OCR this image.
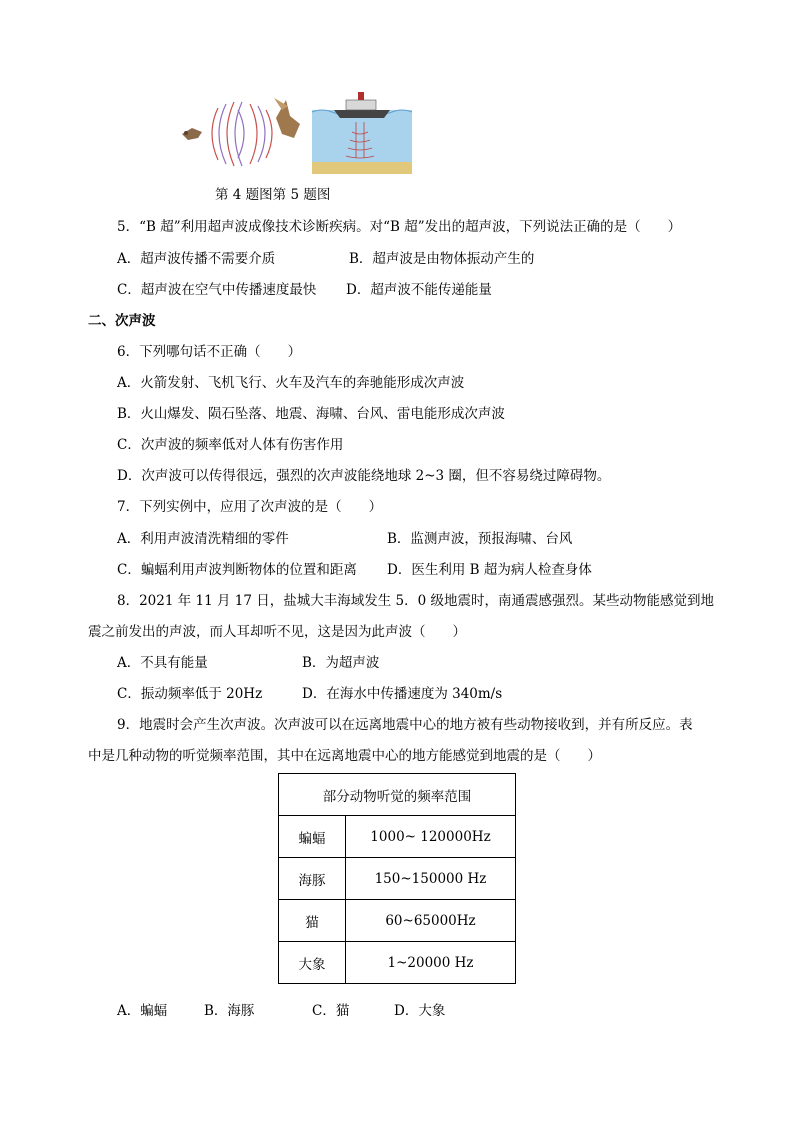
第 4 题图第 5 题图
5．“B 超”利用超声波成像技术诊断疾病。对“B 超”发出的超声波，下列说法正确的是（　　）
A．超声波传播不需要介质	B．超声波是由物体振动产生的
C．超声波在空气中传播速度最快 D．超声波不能传递能量
二、次声波
6．下列哪句话不正确（　　）
A．火箭发射、飞机飞行、火车及汽车的奔驰能形成次声波
B．火山爆发、陨石坠落、地震、海啸、台风、雷电能形成次声波
C．次声波的频率低对人体有伤害作用
D．次声波可以传得很远，强烈的次声波能绕地球 2~3 圈，但不容易绕过障碍物。
7．下列实例中，应用了次声波的是（　　）
A．利用声波清洗精细的零件	B．监测声波，预报海啸、台风
C．蝙蝠利用声波判断物体的位置和距离 D．医生利用 B 超为病人检查身体
8．2021 年 11 月 17 日，盐城大丰海域发生 5．0 级地震时，南通震感强烈。某些动物能感觉到地
震之前发出的声波，而人耳却听不见，这是因为此声波（　　）
A．不具有能量	B．为超声波
C．振动频率低于 20Hz	D．在海水中传播速度为 340m/s
9．地震时会产生次声波。次声波可以在远离地震中心的地方被有些动物接收到，并有所反应。表
中是几种动物的听觉频率范围，其中在远离地震中心的地方能感觉到地震的是（　　）
部分动物听觉的频率范围	
蝙蝠	1000~ 120000Hz
海豚	150~150000 Hz
猫	60~65000Hz
大象	1~20000 Hz
A．蝙蝠	B．海豚	C．猫	D．大象
